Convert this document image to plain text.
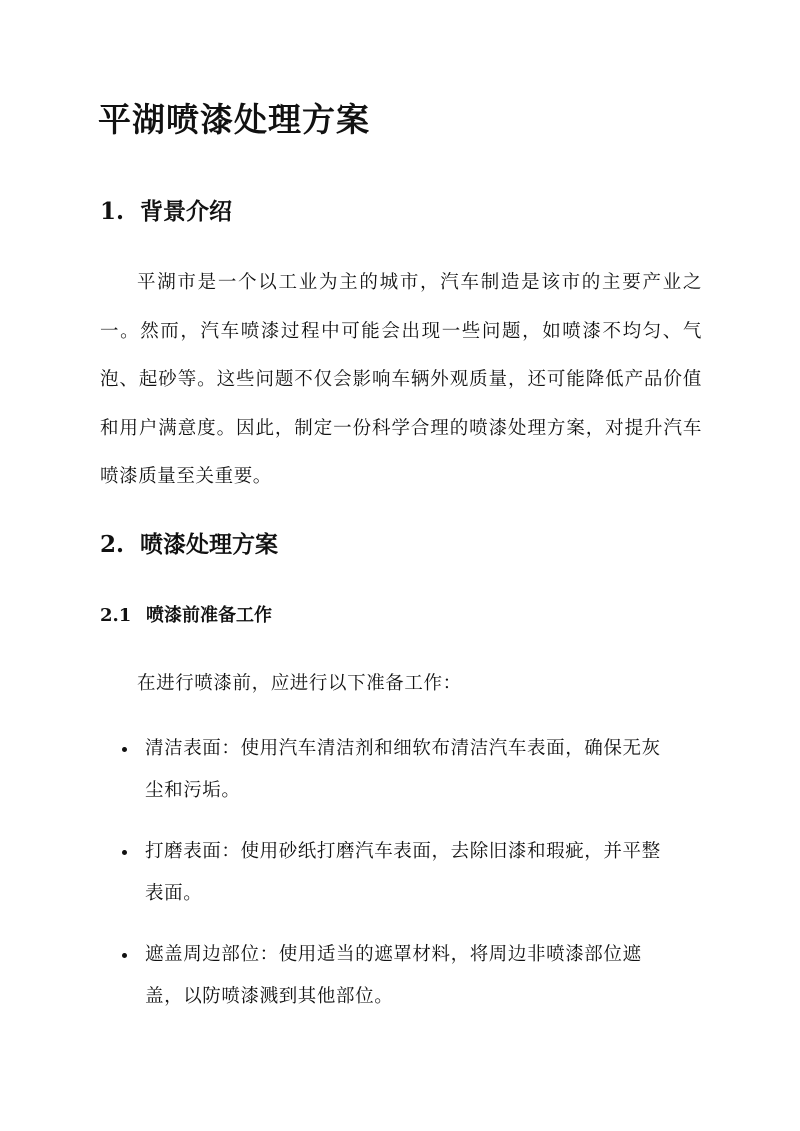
平湖喷漆处理方案
1. 背景介绍

平湖市是一个以工业为主的城市，汽车制造是该市的主要产业之一。然而，汽车喷漆过程中可能会出现一些问题，如喷漆不均匀、气泡、起砂等。这些问题不仅会影响车辆外观质量，还可能降低产品价值和用户满意度。因此，制定一份科学合理的喷漆处理方案，对提升汽车喷漆质量至关重要。

2. 喷漆处理方案
2.1 喷漆前准备工作

在进行喷漆前，应进行以下准备工作：

清洁表面：使用汽车清洁剂和细软布清洁汽车表面，确保无灰尘和污垢。
打磨表面：使用砂纸打磨汽车表面，去除旧漆和瑕疵，并平整表面。
遮盖周边部位：使用适当的遮罩材料，将周边非喷漆部位遮盖，以防喷漆溅到其他部位。
